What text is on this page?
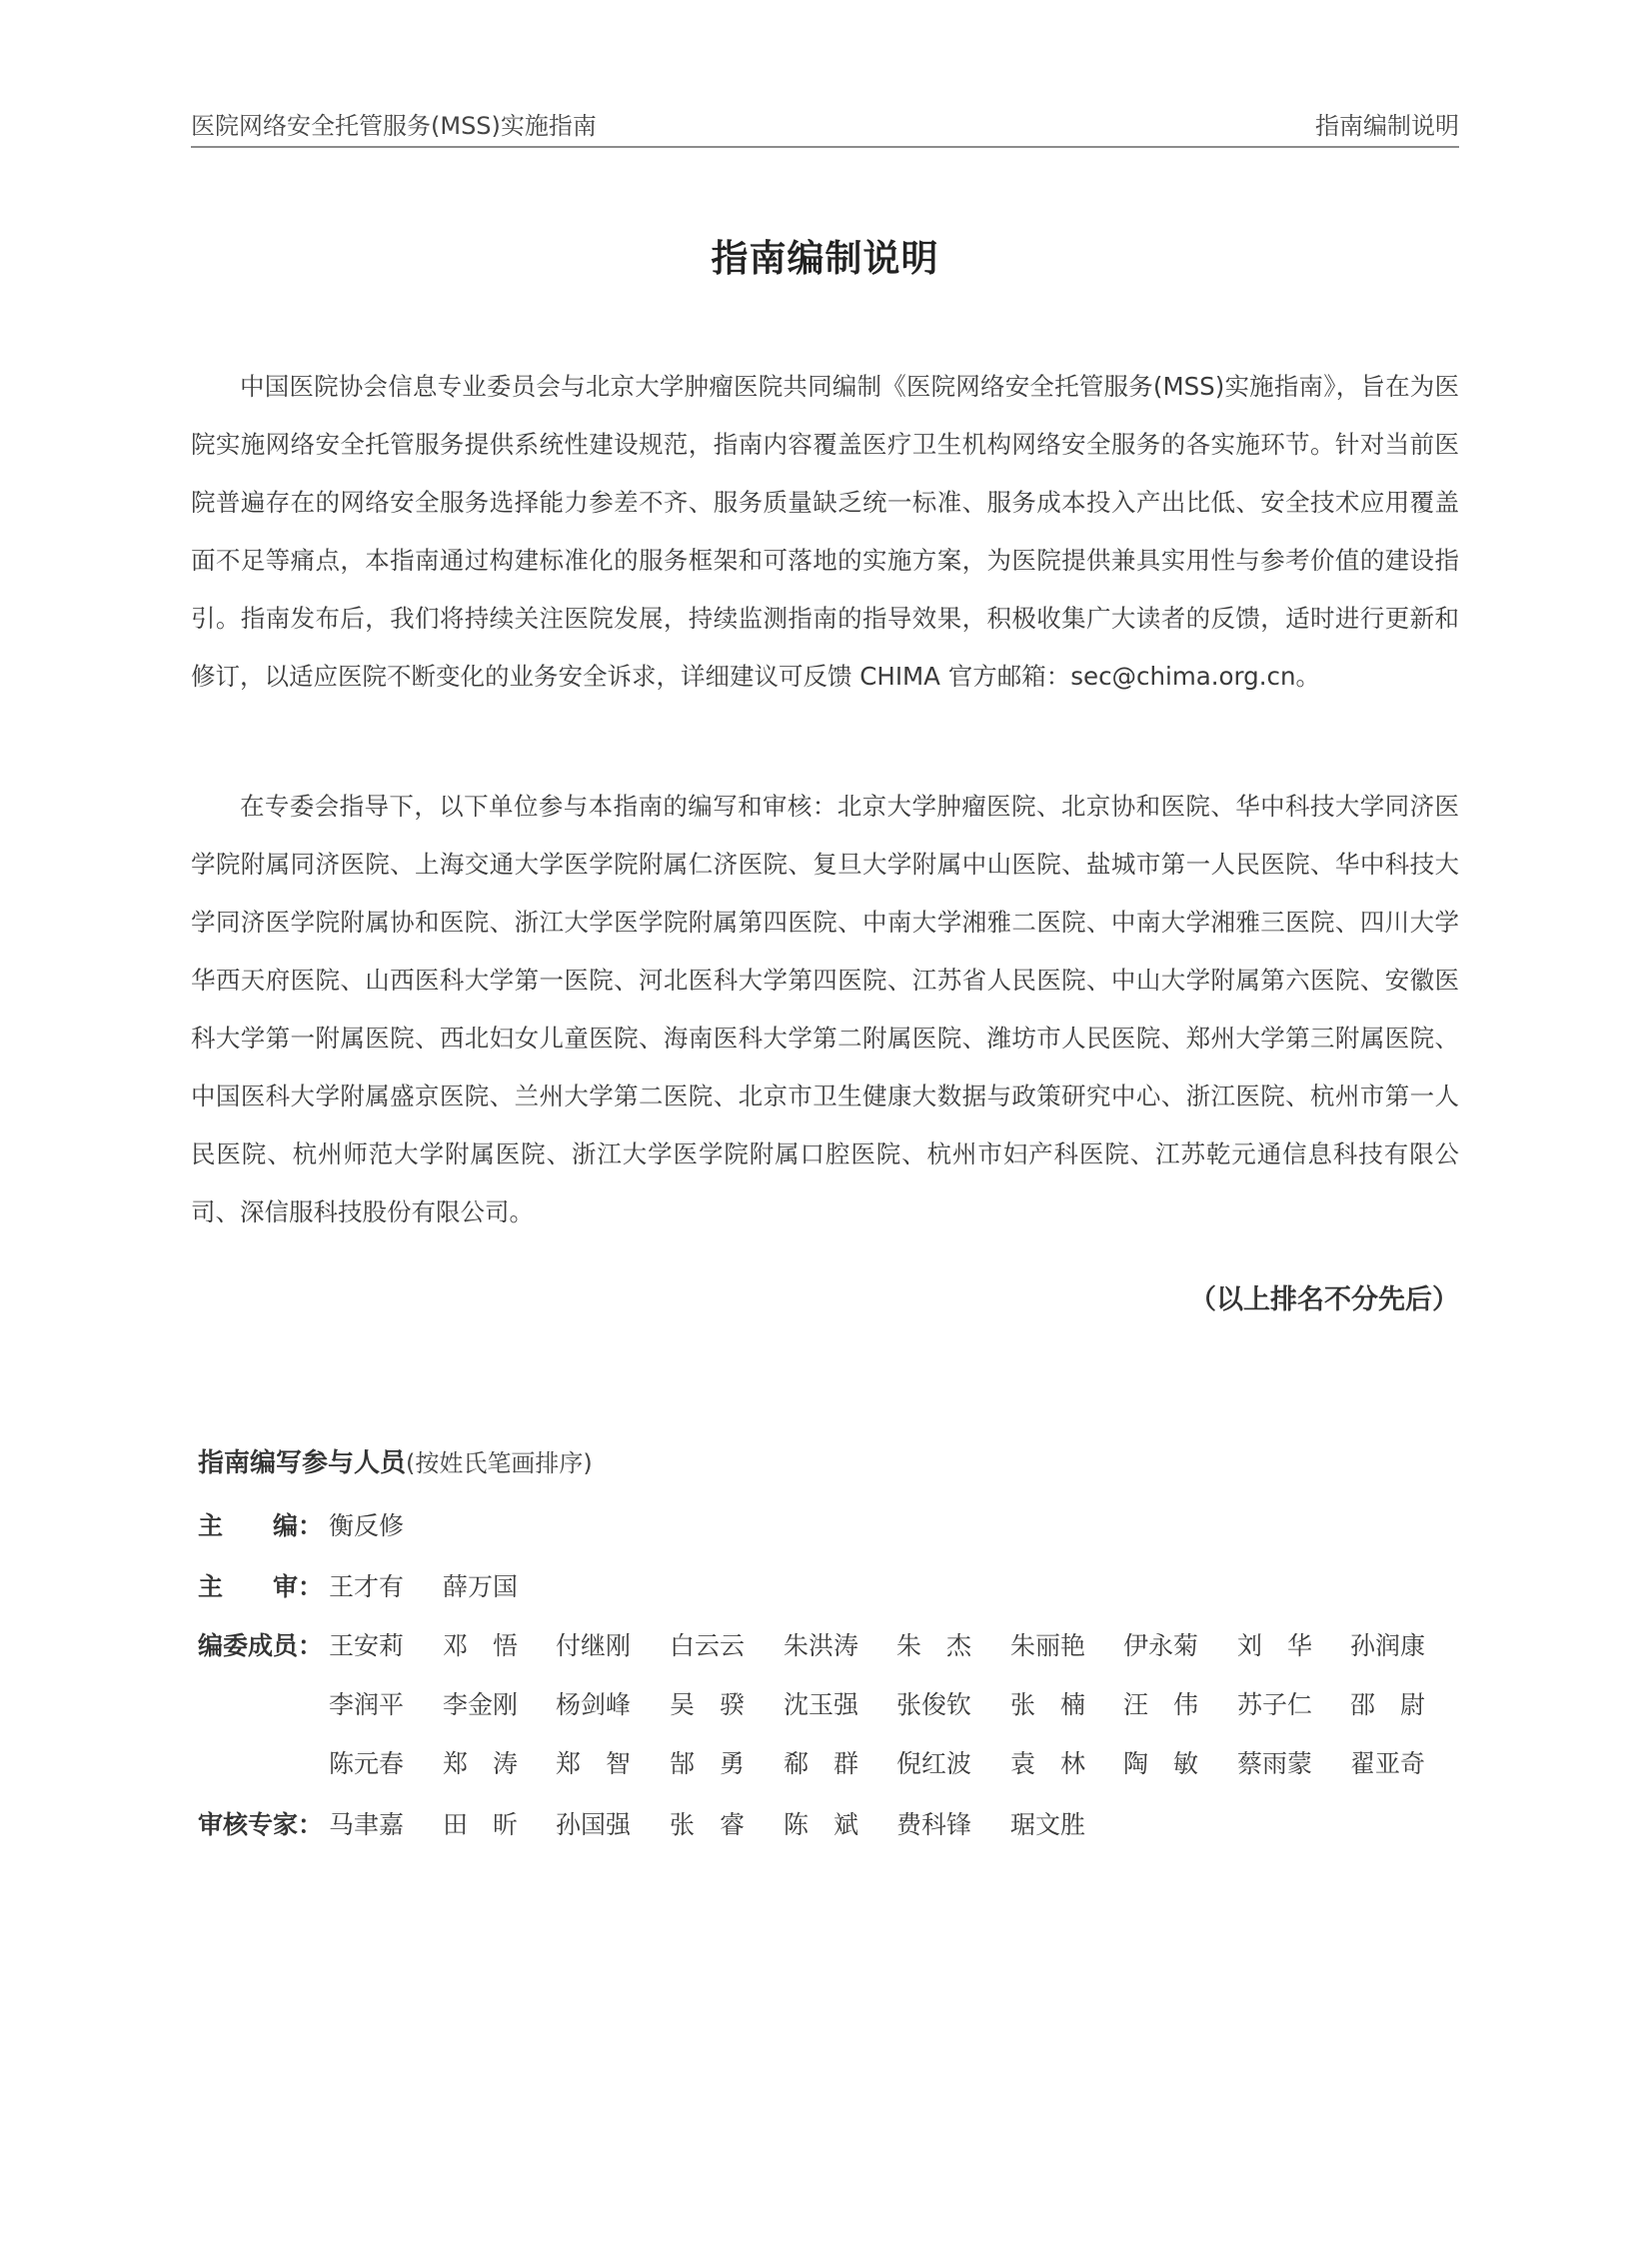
医院网络安全托管服务(MSS)实施指南	指南编制说明
指南编制说明

中国医院协会信息专业委员会与北京大学肿瘤医院共同编制《医院网络安全托管服务(MSS)实施指南》，旨在为医院实施网络安全托管服务提供系统性建设规范，指南内容覆盖医疗卫生机构网络安全服务的各实施环节。针对当前医院普遍存在的网络安全服务选择能力参差不齐、服务质量缺乏统一标准、服务成本投入产出比低、安全技术应用覆盖面不足等痛点，本指南通过构建标准化的服务框架和可落地的实施方案，为医院提供兼具实用性与参考价值的建设指引。指南发布后，我们将持续关注医院发展，持续监测指南的指导效果，积极收集广大读者的反馈，适时进行更新和修订，以适应医院不断变化的业务安全诉求，详细建议可反馈 CHIMA 官方邮箱：sec@chima.org.cn。

在专委会指导下，以下单位参与本指南的编写和审核：北京大学肿瘤医院、北京协和医院、华中科技大学同济医学院附属同济医院、上海交通大学医学院附属仁济医院、复旦大学附属中山医院、盐城市第一人民医院、华中科技大学同济医学院附属协和医院、浙江大学医学院附属第四医院、中南大学湘雅二医院、中南大学湘雅三医院、四川大学华西天府医院、山西医科大学第一医院、河北医科大学第四医院、江苏省人民医院、中山大学附属第六医院、安徽医科大学第一附属医院、西北妇女儿童医院、海南医科大学第二附属医院、潍坊市人民医院、郑州大学第三附属医院、中国医科大学附属盛京医院、兰州大学第二医院、北京市卫生健康大数据与政策研究中心、浙江医院、杭州市第一人民医院、杭州师范大学附属医院、浙江大学医学院附属口腔医院、杭州市妇产科医院、江苏乾元通信息科技有限公司、深信服科技股份有限公司。

（以上排名不分先后）
指南编写参与人员(按姓氏笔画排序)
主 编： 衡反修
主 审： 王才有 薛万国
编委成员： 王安莉 邓　悟 付继刚 白云云 朱洪涛 朱　杰 朱丽艳 伊永菊 刘　华 孙润康
李润平 李金刚 杨剑峰 吴　骙 沈玉强 张俊钦 张　楠 汪　伟 苏子仁 邵　尉
陈元春 郑　涛 郑　智 郜　勇 郗　群 倪红波 袁　林 陶　敏 蔡雨蒙 翟亚奇
审核专家： 马聿嘉 田　昕 孙国强 张　睿 陈　斌 费科锋 琚文胜
